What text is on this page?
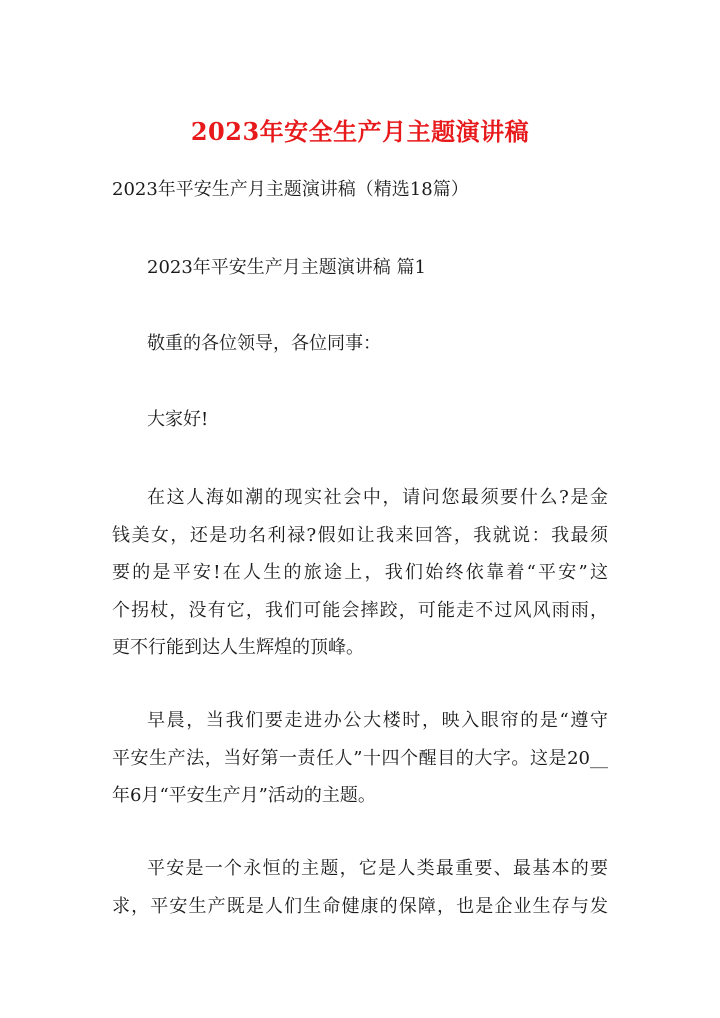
2023年安全生产月主题演讲稿

2023年平安生产月主题演讲稿（精选18篇）

2023年平安生产月主题演讲稿 篇1

敬重的各位领导，各位同事：

大家好!

在这人海如潮的现实社会中，请问您最须要什么?是金
钱美女，还是功名利禄?假如让我来回答，我就说：我最须
要的是平安!在人生的旅途上，我们始终依靠着“平安”这
个拐杖，没有它，我们可能会摔跤，可能走不过风风雨雨，
更不行能到达人生辉煌的顶峰。
早晨，当我们要走进办公大楼时，映入眼帘的是“遵守
平安生产法，当好第一责任人”十四个醒目的大字。这是20__
年6月“平安生产月”活动的主题。
平安是一个永恒的主题，它是人类最重要、最基本的要
求，平安生产既是人们生命健康的保障，也是企业生存与发
